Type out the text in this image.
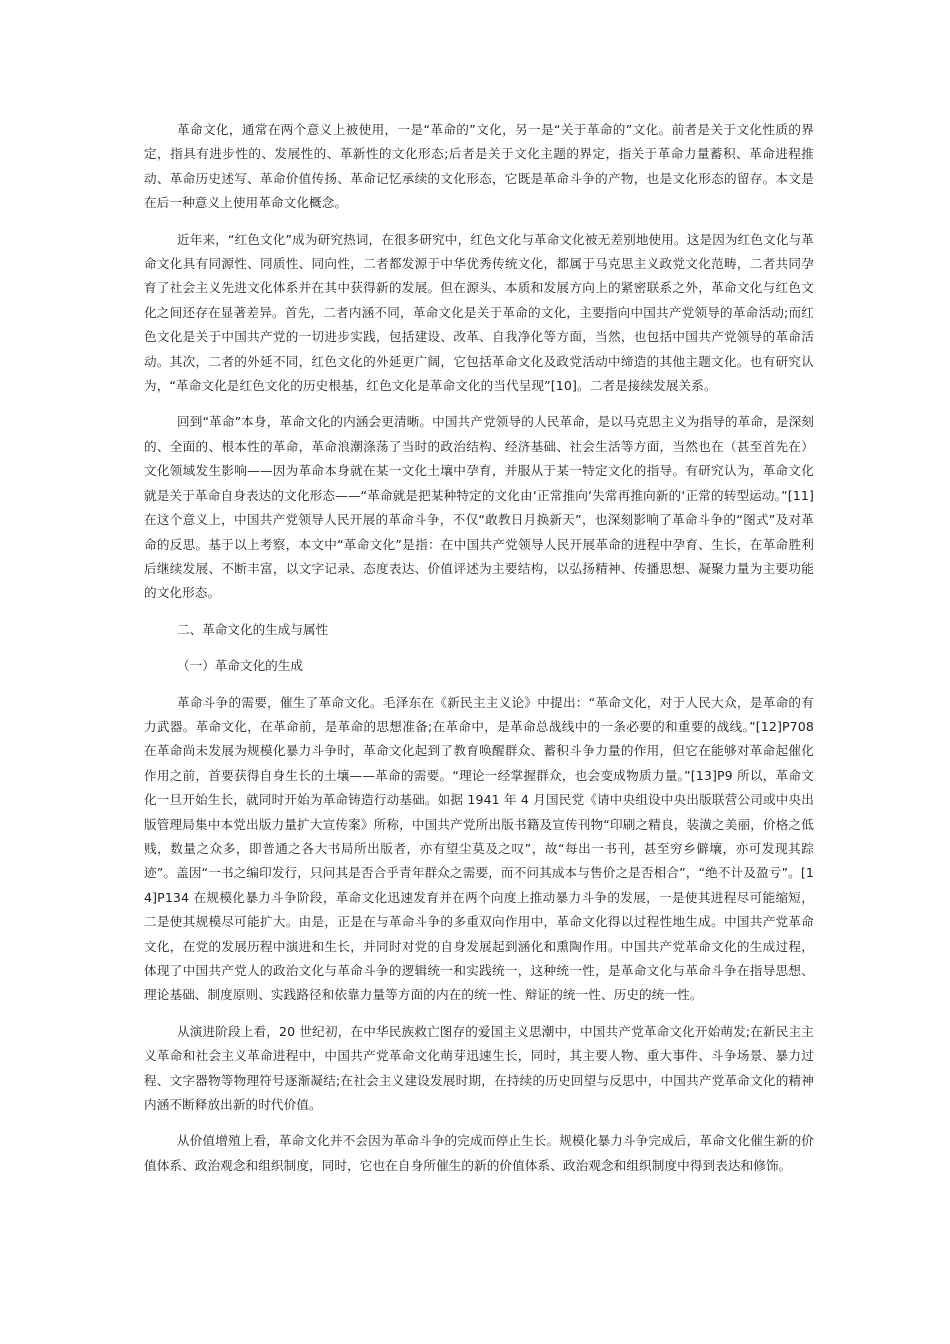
革命文化，通常在两个意义上被使用，一是“革命的”文化，另一是“关于革命的”文化。前者是关于文化性质的界定，指具有进步性的、发展性的、革新性的文化形态;后者是关于文化主题的界定，指关于革命力量蓄积、革命进程推动、革命历史述写、革命价值传扬、革命记忆承续的文化形态，它既是革命斗争的产物，也是文化形态的留存。本文是在后一种意义上使用革命文化概念。

近年来，“红色文化”成为研究热词，在很多研究中，红色文化与革命文化被无差别地使用。这是因为红色文化与革命文化具有同源性、同质性、同向性，二者都发源于中华优秀传统文化，都属于马克思主义政党文化范畴，二者共同孕 育了社会主义先进文化体系并在其中获得新的发展。但在源头、本质和发展方向上的紧密联系之外，革命文化与红色文 化之间还存在显著差异。首先，二者内涵不同，革命文化是关于革命的文化，主要指向中国共产党领导的革命活动;而红色文化是关于中国共产党的一切进步实践，包括建设、改革、自我净化等方面，当然，也包括中国共产党领导的革命活 动。其次，二者的外延不同，红色文化的外延更广阔，它包括革命文化及政党活动中缔造的其他主题文化。也有研究认为，“革命文化是红色文化的历史根基，红色文化是革命文化的当代呈现”[10]。二者是接续发展关系。

回到“革命”本身，革命文化的内涵会更清晰。中国共产党领导的人民革命，是以马克思主义为指导的革命，是深刻的、全面的、根本性的革命，革命浪潮涤荡了当时的政治结构、经济基础、社会生活等方面，当然也在（甚至首先在） 文化领域发生影响——因为革命本身就在某一文化土壤中孕育，并服从于某一特定文化的指导。有研究认为，革命文化就是关于革命自身表达的文化形态——“革命就是把某种特定的文化由‘正常推向‘失常再推向新的‘正常的转型运动。”[11] 在这个意义上，中国共产党领导人民开展的革命斗争，不仅“敢教日月换新天”，也深刻影响了革命斗争的“图式”及对革命的反思。基于以上考察，本文中“革命文化”是指：在中国共产党领导人民开展革命的进程中孕育、生长，在革命胜利后继续发展、不断丰富，以文字记录、态度表达、价值评述为主要结构，以弘扬精神、传播思想、凝聚力量为主要功能的文化形态。

二、革命文化的生成与属性

（一）革命文化的生成

革命斗争的需要，催生了革命文化。毛泽东在《新民主主义论》中提出：“革命文化，对于人民大众，是革命的有力武器。革命文化，在革命前，是革命的思想准备;在革命中，是革命总战线中的一条必要的和重要的战线。”[12]P708 在革命尚未发展为规模化暴力斗争时，革命文化起到了教育唤醒群众、蓄积斗争力量的作用，但它在能够对革命起催化作用之前，首要获得自身生长的土壤——革命的需要。“理论一经掌握群众，也会变成物质力量。”[13]P9 所以，革命文化一旦开始生长，就同时开始为革命铸造行动基础。如据 1941 年 4 月国民党《请中央组设中央出版联营公司或中央出版管理局集中本党出版力量扩大宣传案》所称，中国共产党所出版书籍及宣传刊物“印刷之精良，装潢之美丽，价格之低贱，数量之众多，即普通之各大书局所出版者，亦有望尘莫及之叹”，故“每出一书刊，甚至穷乡僻壤，亦可发现其踪迹”。盖因“一书之编印发行，只问其是否合乎青年群众之需要，而不问其成本与售价之是否相合”，“绝不计及盈亏”。[14]P134 在规模化暴力斗争阶段，革命文化迅速发育并在两个向度上推动暴力斗争的发展，一是使其进程尽可能缩短，二是使其规模尽可能扩大。由是，正是在与革命斗争的多重双向作用中，革命文化得以过程性地生成。中国共产党革命文化，在党的发展历程中演进和生长，并同时对党的自身发展起到涵化和熏陶作用。中国共产党革命文化的生成过程，体现了中国共产党人的政治文化与革命斗争的逻辑统一和实践统一，这种统一性，是革命文化与革命斗争在指导思想、理论基础、制度原则、实践路径和依靠力量等方面的内在的统一性、辩证的统一性、历史的统一性。

从演进阶段上看，20 世纪初，在中华民族救亡图存的爱国主义思潮中，中国共产党革命文化开始萌发;在新民主主义革命和社会主义革命进程中，中国共产党革命文化萌芽迅速生长，同时，其主要人物、重大事件、斗争场景、暴力过 程、文字器物等物理符号逐渐凝结;在社会主义建设发展时期，在持续的历史回望与反思中，中国共产党革命文化的精神 内涵不断释放出新的时代价值。

从价值增殖上看，革命文化并不会因为革命斗争的完成而停止生长。规模化暴力斗争完成后，革命文化催生新的价值体系、政治观念和组织制度，同时，它也在自身所催生的新的价值体系、政治观念和组织制度中得到表达和修饰。
